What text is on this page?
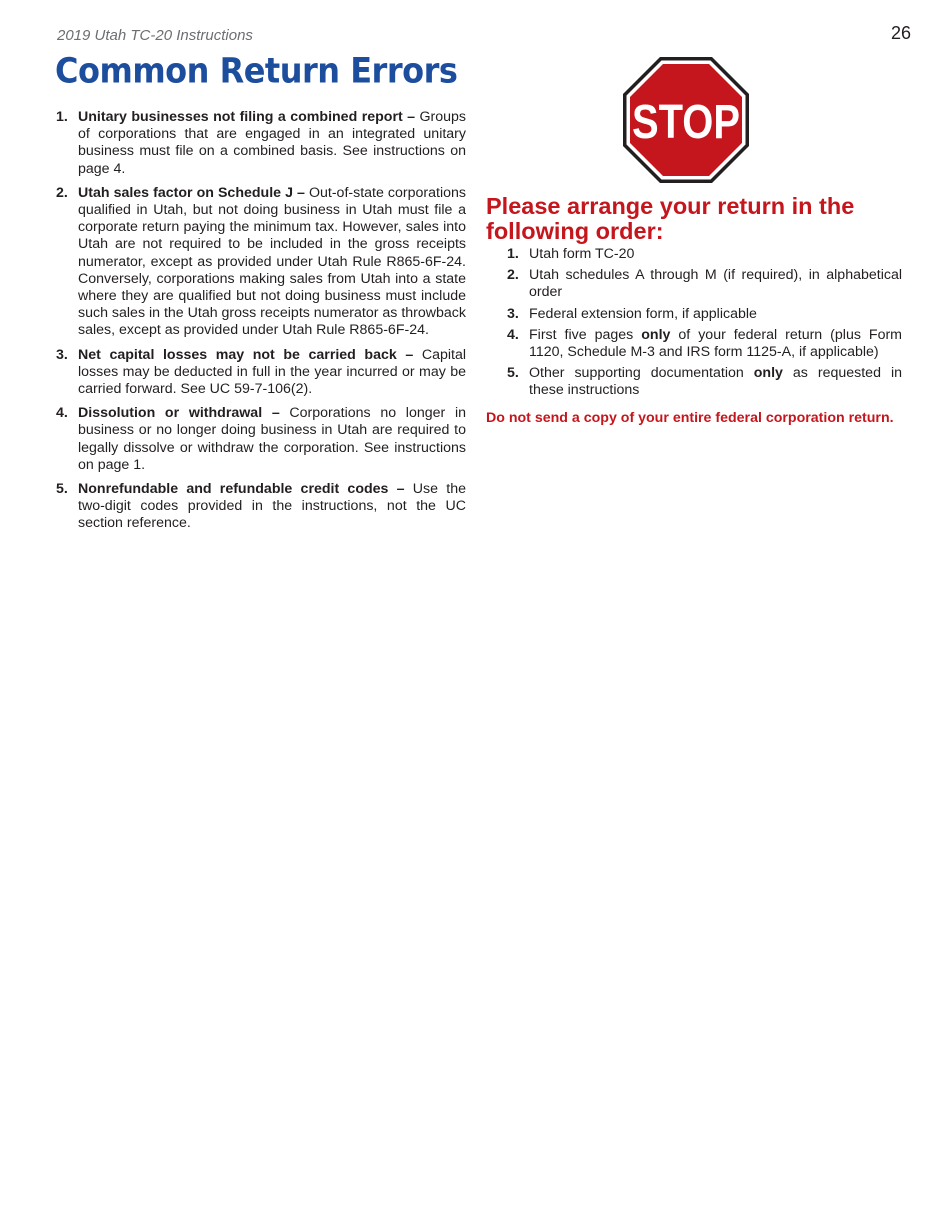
2019 Utah TC-20 Instructions	26
Common Return Errors
1. Unitary businesses not filing a combined report – Groups of corporations that are engaged in an integrated unitary business must file on a combined basis. See instructions on page 4.
2. Utah sales factor on Schedule J – Out-of-state corporations qualified in Utah, but not doing business in Utah must file a corporate return paying the minimum tax. However, sales into Utah are not required to be included in the gross receipts numerator, except as provided under Utah Rule R865-6F-24. Conversely, corporations making sales from Utah into a state where they are qualified but not doing business must include such sales in the Utah gross receipts numerator as throwback sales, except as provided under Utah Rule R865-6F-24.
3. Net capital losses may not be carried back – Capital losses may be deducted in full in the year incurred or may be carried forward. See UC 59-7-106(2).
4. Dissolution or withdrawal – Corporations no longer in business or no longer doing business in Utah are required to legally dissolve or withdraw the corporation. See instructions on page 1.
5. Nonrefundable and refundable credit codes – Use the two-digit codes provided in the instructions, not the UC section reference.
STOP
Please arrange your return in the following order:
1. Utah form TC-20
2. Utah schedules A through M (if required), in alphabetical order
3. Federal extension form, if applicable
4. First five pages only of your federal return (plus Form 1120, Schedule M-3 and IRS form 1125-A, if applicable)
5. Other supporting documentation only as requested in these instructions

Do not send a copy of your entire federal corporation return.
